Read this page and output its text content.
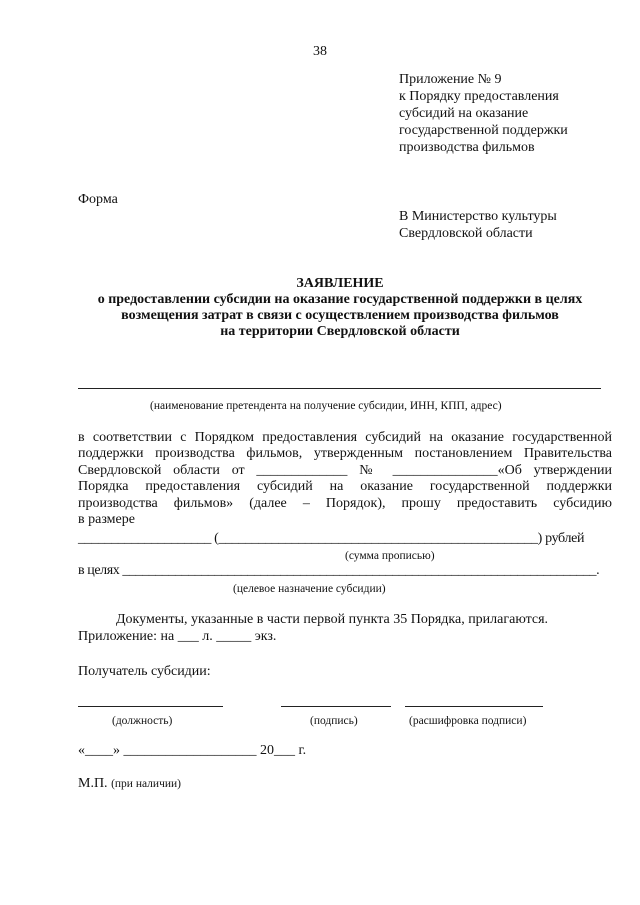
38
Приложение № 9
к Порядку предоставления
субсидий на оказание
государственной поддержки
производства фильмов
Форма
В Министерство культуры
Свердловской области
ЗАЯВЛЕНИЕ
о предоставлении субсидии на оказание государственной поддержки в целях
возмещения затрат в связи с осуществлением производства фильмов
на территории Свердловской области
(наименование претендента на получение субсидии, ИНН, КПП, адрес)
в соответствии с Порядком предоставления субсидий на оказание государственной
поддержки производства фильмов, утвержденным постановлением Правительства
Свердловской области от _____________ № _______________«Об утверждении
Порядка предоставления субсидий на оказание государственной поддержки
производства фильмов» (далее – Порядок), прошу предоставить субсидию
в размере
____________________ (________________________________________________) рублей
(сумма прописью)
в целях ________________________________________________________________________.
(целевое назначение субсидии)
Документы, указанные в части первой пункта 35 Порядка, прилагаются.
Приложение: на ___ л. _____ экз.
Получатель субсидии:
(должность)	(подпись)	(расшифровка подписи)
«____» ___________________ 20___ г.
М.П. (при наличии)
